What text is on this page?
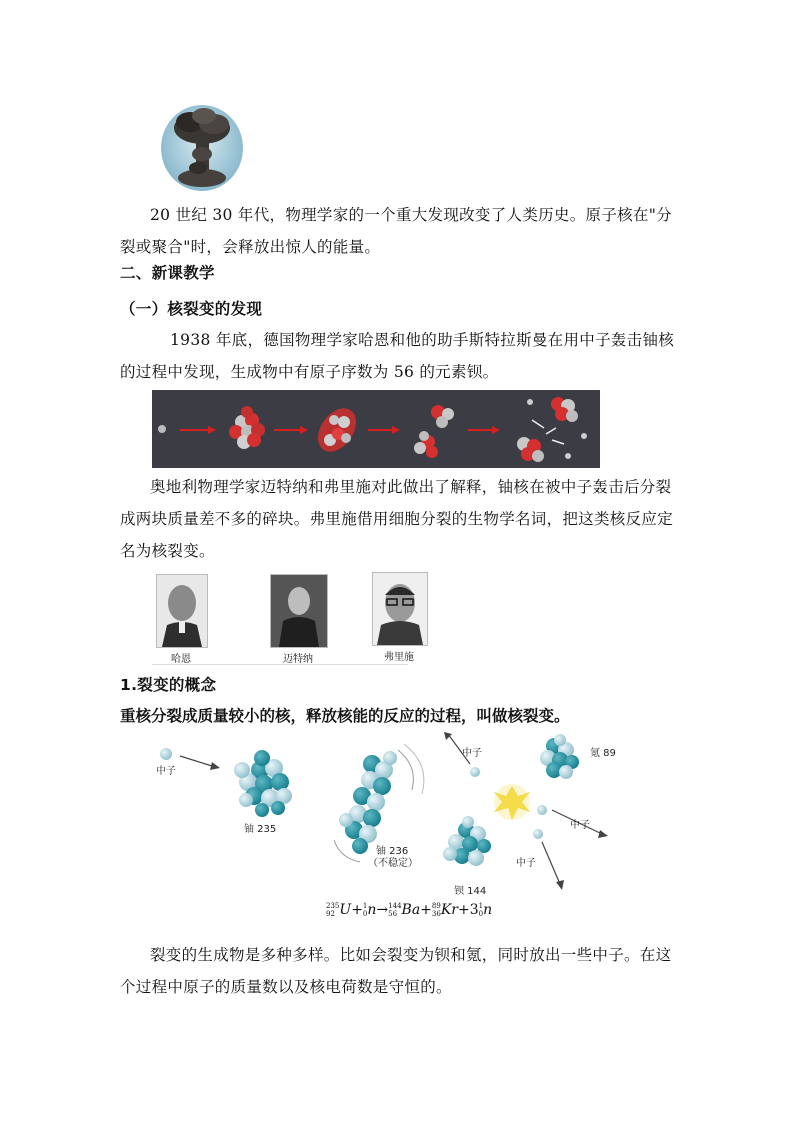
20 世纪 30 年代，物理学家的一个重大发现改变了人类历史。原子核在"分
裂或聚合"时，会释放出惊人的能量。
二、新课教学
（一）核裂变的发现
1938 年底，德国物理学家哈恩和他的助手斯特拉斯曼在用中子轰击铀核
的过程中发现，生成物中有原子序数为 56 的元素钡。
奥地利物理学家迈特纳和弗里施对此做出了解释，铀核在被中子轰击后分裂
成两块质量差不多的碎块。弗里施借用细胞分裂的生物学名词，把这类核反应定
名为核裂变。
哈恩	迈特纳	弗里施
1.裂变的概念
重核分裂成质量较小的核，释放核能的反应的过程，叫做核裂变。
中子
铀 235
铀 236
（不稳定）
中子	氪 89
中子
中子
钡 144
235
92 U+ 1
0 n→ 144
56 Ba+ 89
36 Kr+3 1
0 n
裂变的生成物是多种多样。比如会裂变为钡和氪，同时放出一些中子。在这
个过程中原子的质量数以及核电荷数是守恒的。
